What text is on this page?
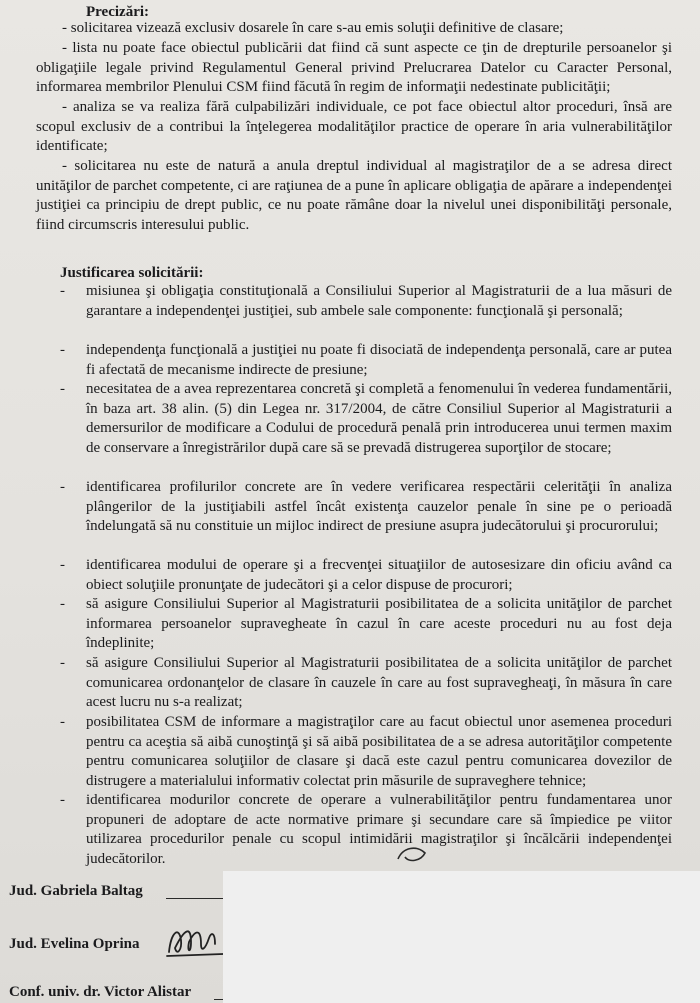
Precizări:
- solicitarea vizează exclusiv dosarele în care s-au emis soluţii definitive de clasare;
- lista nu poate face obiectul publicării dat fiind că sunt aspecte ce ţin de drepturile persoanelor şi obligaţiile legale privind Regulamentul General privind Prelucrarea Datelor cu Caracter Personal, informarea membrilor Plenului CSM fiind făcută în regim de informaţii nedestinate publicităţii;
- analiza se va realiza fără culpabilizări individuale, ce pot face obiectul altor proceduri, însă are scopul exclusiv de a contribui la înţelegerea modalităţilor practice de operare în aria vulnerabilităţilor identificate;
- solicitarea nu este de natură a anula dreptul individual al magistraţilor de a se adresa direct unităţilor de parchet competente, ci are raţiunea de a pune în aplicare obligaţia de apărare a independenţei justiţiei ca principiu de drept public, ce nu poate rămâne doar la nivelul unei disponibilităţi personale, fiind circumscris interesului public.
Justificarea solicitării:
- misiunea şi obligaţia constituţională a Consiliului Superior al Magistraturii de a lua măsuri de garantare a independenţei justiţiei, sub ambele sale componente: funcţională şi personală;
- independenţa funcţională a justiţiei nu poate fi disociată de independenţa personală, care ar putea fi afectată de mecanisme indirecte de presiune;
- necesitatea de a avea reprezentarea concretă şi completă a fenomenului în vederea fundamentării, în baza art. 38 alin. (5) din Legea nr. 317/2004, de către Consiliul Superior al Magistraturii a demersurilor de modificare a Codului de procedură penală prin introducerea unui termen maxim de conservare a înregistrărilor după care să se prevadă distrugerea suporţilor de stocare;
- identificarea profilurilor concrete are în vedere verificarea respectării celerităţii în analiza plângerilor de la justiţiabili astfel încât existenţa cauzelor penale în sine pe o perioadă îndelungată să nu constituie un mijloc indirect de presiune asupra judecătorului şi procurorului;
- identificarea modului de operare şi a frecvenţei situaţiilor de autosesizare din oficiu având ca obiect soluţiile pronunţate de judecători şi a celor dispuse de procurori;
- să asigure Consiliului Superior al Magistraturii posibilitatea de a solicita unităţilor de parchet informarea persoanelor supravegheate în cazul în care aceste proceduri nu au fost deja îndeplinite;
- să asigure Consiliului Superior al Magistraturii posibilitatea de a solicita unităţilor de parchet comunicarea ordonanţelor de clasare în cauzele în care au fost supravegheaţi, în măsura în care acest lucru nu s-a realizat;
- posibilitatea CSM de informare a magistraţilor care au facut obiectul unor asemenea proceduri pentru ca aceştia să aibă cunoştinţă şi să aibă posibilitatea de a se adresa autorităţilor competente pentru comunicarea soluţiilor de clasare şi dacă este cazul pentru comunicarea dovezilor de distrugere a materialului informativ colectat prin măsurile de supraveghere tehnice;
- identificarea modurilor concrete de operare a vulnerabilităţilor pentru fundamentarea unor propuneri de adoptare de acte normative primare şi secundare care să împiedice pe viitor utilizarea procedurilor penale cu scopul intimidării magistraţilor şi încălcării independenţei judecătorilor.
Jud. Gabriela Baltag
Jud. Evelina Oprina
Conf. univ. dr. Victor Alistar
